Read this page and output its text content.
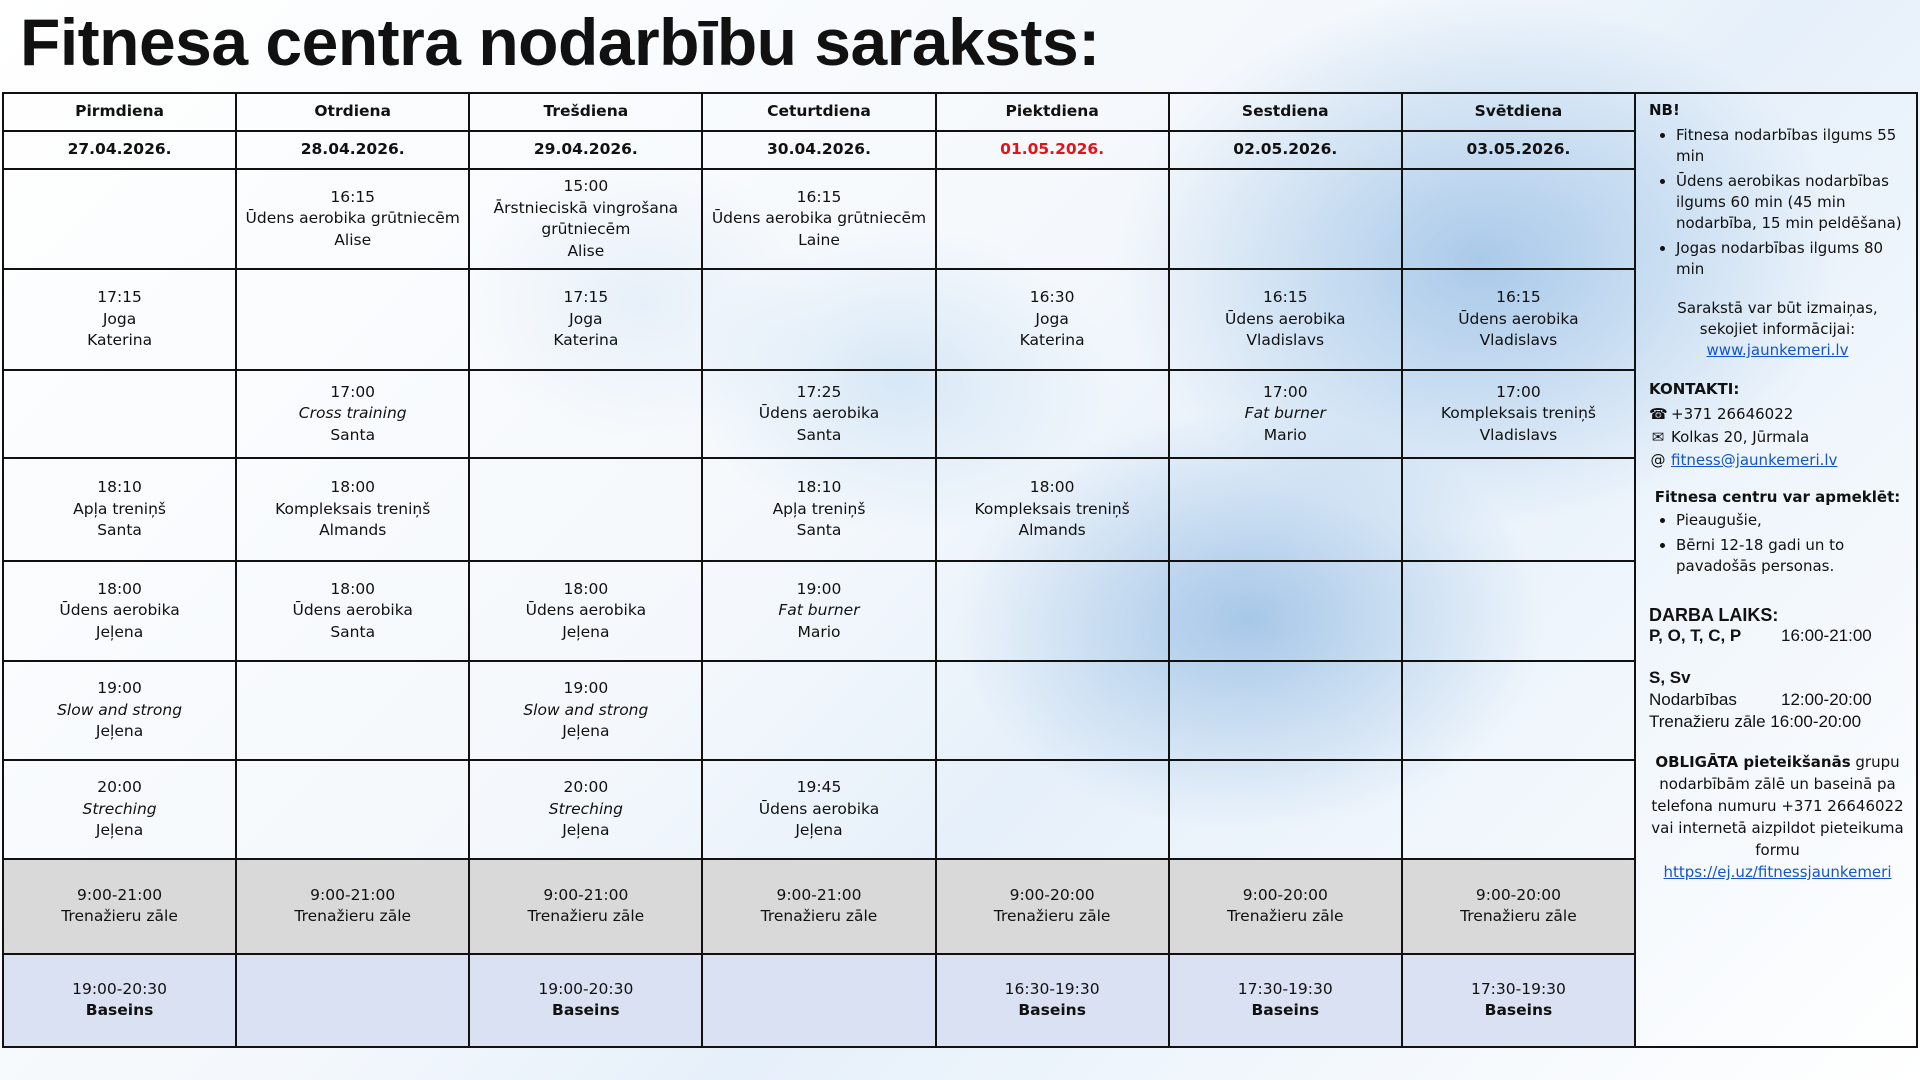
Fitnesa centra nodarbību saraksts:
Pirmdiena	Otrdiena	Trešdiena	Ceturtdiena	Piektdiena	Sestdiena	Svētdiena
27.04.2026.	28.04.2026.	29.04.2026.	30.04.2026.	01.05.2026.	02.05.2026.	03.05.2026.

	16:15
Ūdens aerobika grūtniecēm
Alise	15:00
Ārstnieciskā vingrošana grūtniecēm
Alise	16:15
Ūdens aerobika grūtniecēm
Laine			

17:15
Joga
Katerina		17:15
Joga
Katerina		16:30
Joga
Katerina	16:15
Ūdens aerobika
Vladislavs	16:15
Ūdens aerobika
Vladislavs

	17:00
Cross training
Santa		17:25
Ūdens aerobika
Santa		17:00
Fat burner
Mario	17:00
Kompleksais treniņš
Vladislavs

18:10
Apļa treniņš
Santa	18:00
Kompleksais treniņš
Almands		18:10
Apļa treniņš
Santa	18:00
Kompleksais treniņš
Almands		

18:00
Ūdens aerobika
Jeļena	18:00
Ūdens aerobika
Santa	18:00
Ūdens aerobika
Jeļena	19:00
Fat burner
Mario			

19:00
Slow and strong
Jeļena		19:00
Slow and strong
Jeļena				

20:00
Streching
Jeļena		20:00
Streching
Jeļena	19:45
Ūdens aerobika
Jeļena			

9:00-21:00
Trenažieru zāle	9:00-21:00
Trenažieru zāle	9:00-21:00
Trenažieru zāle	9:00-21:00
Trenažieru zāle	9:00-20:00
Trenažieru zāle	9:00-20:00
Trenažieru zāle	9:00-20:00
Trenažieru zāle

19:00-20:30
Baseins		19:00-20:30
Baseins		16:30-19:30
Baseins	17:30-19:30
Baseins	17:30-19:30
Baseins
NB!
• Fitnesa nodarbības ilgums 55 min
• Ūdens aerobikas nodarbības ilgums 60 min (45 min nodarbība, 15 min peldēšana)
• Jogas nodarbības ilgums 80 min
Sarakstā var būt izmaiņas, sekojiet informācijai: www.jaunkemeri.lv
KONTAKTI:
☎ +371 26646022
✉ Kolkas 20, Jūrmala
@ fitness@jaunkemeri.lv
Fitnesa centru var apmeklēt:
• Pieaugušie,
• Bērni 12-18 gadi un to pavadošās personas.
DARBA LAIKS:
P, O, T, C, P	16:00-21:00
S, Sv
Nodarbības	12:00-20:00
Trenažieru zāle 16:00-20:00
OBLIGĀTA pieteikšanās grupu nodarbībām zālē un baseinā pa telefona numuru +371 26646022 vai internetā aizpildot pieteikuma formu
https://ej.uz/fitnessjaunkemeri
